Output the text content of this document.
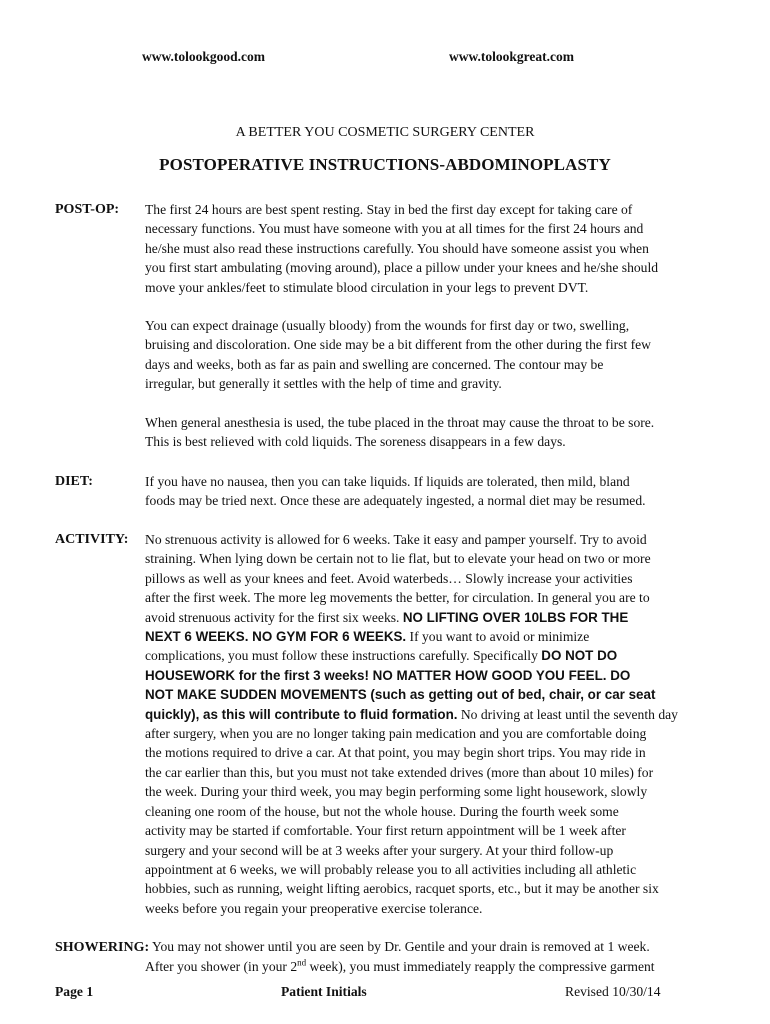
www.tolookgood.com	www.tolookgreat.com
A BETTER YOU COSMETIC SURGERY CENTER
POSTOPERATIVE INSTRUCTIONS-ABDOMINOPLASTY
POST-OP: The first 24 hours are best spent resting. Stay in bed the first day except for taking care of

necessary functions. You must have someone with you at all times for the first 24 hours and

he/she must also read these instructions carefully. You should have someone assist you when

you first start ambulating (moving around), place a pillow under your knees and he/she should

move your ankles/feet to stimulate blood circulation in your legs to prevent DVT.

You can expect drainage (usually bloody) from the wounds for first day or two, swelling,

bruising and discoloration. One side may be a bit different from the other during the first few

days and weeks, both as far as pain and swelling are concerned. The contour may be

irregular, but generally it settles with the help of time and gravity.

When general anesthesia is used, the tube placed in the throat may cause the throat to be sore.

This is best relieved with cold liquids. The soreness disappears in a few days.

DIET:	If you have no nausea, then you can take liquids. If liquids are tolerated, then mild, bland

foods may be tried next. Once these are adequately ingested, a normal diet may be resumed.

ACTIVITY: No strenuous activity is allowed for 6 weeks. Take it easy and pamper yourself. Try to avoid

straining. When lying down be certain not to lie flat, but to elevate your head on two or more

pillows as well as your knees and feet. Avoid waterbeds… Slowly increase your activities

after the first week. The more leg movements the better, for circulation. In general you are to

avoid strenuous activity for the first six weeks. NO LIFTING OVER 10LBS FOR THE

NEXT 6 WEEKS. NO GYM FOR 6 WEEKS. If you want to avoid or minimize

complications, you must follow these instructions carefully. Specifically DO NOT DO

HOUSEWORK for the first 3 weeks! NO MATTER HOW GOOD YOU FEEL. DO

NOT MAKE SUDDEN MOVEMENTS (such as getting out of bed, chair, or car seat

quickly), as this will contribute to fluid formation. No driving at least until the seventh day

after surgery, when you are no longer taking pain medication and you are comfortable doing

the motions required to drive a car. At that point, you may begin short trips. You may ride in

the car earlier than this, but you must not take extended drives (more than about 10 miles) for

the week. During your third week, you may begin performing some light housework, slowly

cleaning one room of the house, but not the whole house. During the fourth week some

activity may be started if comfortable. Your first return appointment will be 1 week after

surgery and your second will be at 3 weeks after your surgery. At your third follow-up

appointment at 6 weeks, we will probably release you to all activities including all athletic

hobbies, such as running, weight lifting aerobics, racquet sports, etc., but it may be another six

weeks before you regain your preoperative exercise tolerance.

SHOWERING: You may not shower until you are seen by Dr. Gentile and your drain is removed at 1 week.
After you shower (in your 2nd week), you must immediately reapply the compressive garment
Page 1	Patient Initials	Revised 10/30/14
